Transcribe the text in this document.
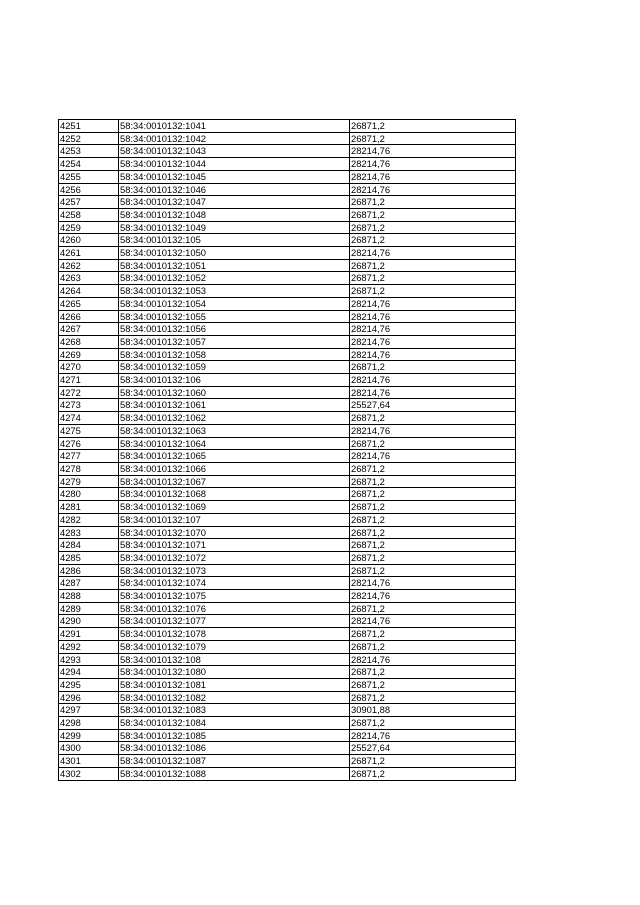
4251	58:34:0010132:1041	26871,2
4252	58:34:0010132:1042	26871,2
4253	58:34:0010132:1043	28214,76
4254	58:34:0010132:1044	28214,76
4255	58:34:0010132:1045	28214,76
4256	58:34:0010132:1046	28214,76
4257	58:34:0010132:1047	26871,2
4258	58:34:0010132:1048	26871,2
4259	58:34:0010132:1049	26871,2
4260	58:34:0010132:105	26871,2
4261	58:34:0010132:1050	28214,76
4262	58:34:0010132:1051	26871,2
4263	58:34:0010132:1052	26871,2
4264	58:34:0010132:1053	26871,2
4265	58:34:0010132:1054	28214,76
4266	58:34:0010132:1055	28214,76
4267	58:34:0010132:1056	28214,76
4268	58:34:0010132:1057	28214,76
4269	58:34:0010132:1058	28214,76
4270	58:34:0010132:1059	26871,2
4271	58:34:0010132:106	28214,76
4272	58:34:0010132:1060	28214,76
4273	58:34:0010132:1061	25527,64
4274	58:34:0010132:1062	26871,2
4275	58:34:0010132:1063	28214,76
4276	58:34:0010132:1064	26871,2
4277	58:34:0010132:1065	28214,76
4278	58:34:0010132:1066	26871,2
4279	58:34:0010132:1067	26871,2
4280	58:34:0010132:1068	26871,2
4281	58:34:0010132:1069	26871,2
4282	58:34:0010132:107	26871,2
4283	58:34:0010132:1070	26871,2
4284	58:34:0010132:1071	26871,2
4285	58:34:0010132:1072	26871,2
4286	58:34:0010132:1073	26871,2
4287	58:34:0010132:1074	28214,76
4288	58:34:0010132:1075	28214,76
4289	58:34:0010132:1076	26871,2
4290	58:34:0010132:1077	28214,76
4291	58:34:0010132:1078	26871,2
4292	58:34:0010132:1079	26871,2
4293	58:34:0010132:108	28214,76
4294	58:34:0010132:1080	26871,2
4295	58:34:0010132:1081	26871,2
4296	58:34:0010132:1082	26871,2
4297	58:34:0010132:1083	30901,88
4298	58:34:0010132:1084	26871,2
4299	58:34:0010132:1085	28214,76
4300	58:34:0010132:1086	25527,64
4301	58:34:0010132:1087	26871,2
4302	58:34:0010132:1088	26871,2
